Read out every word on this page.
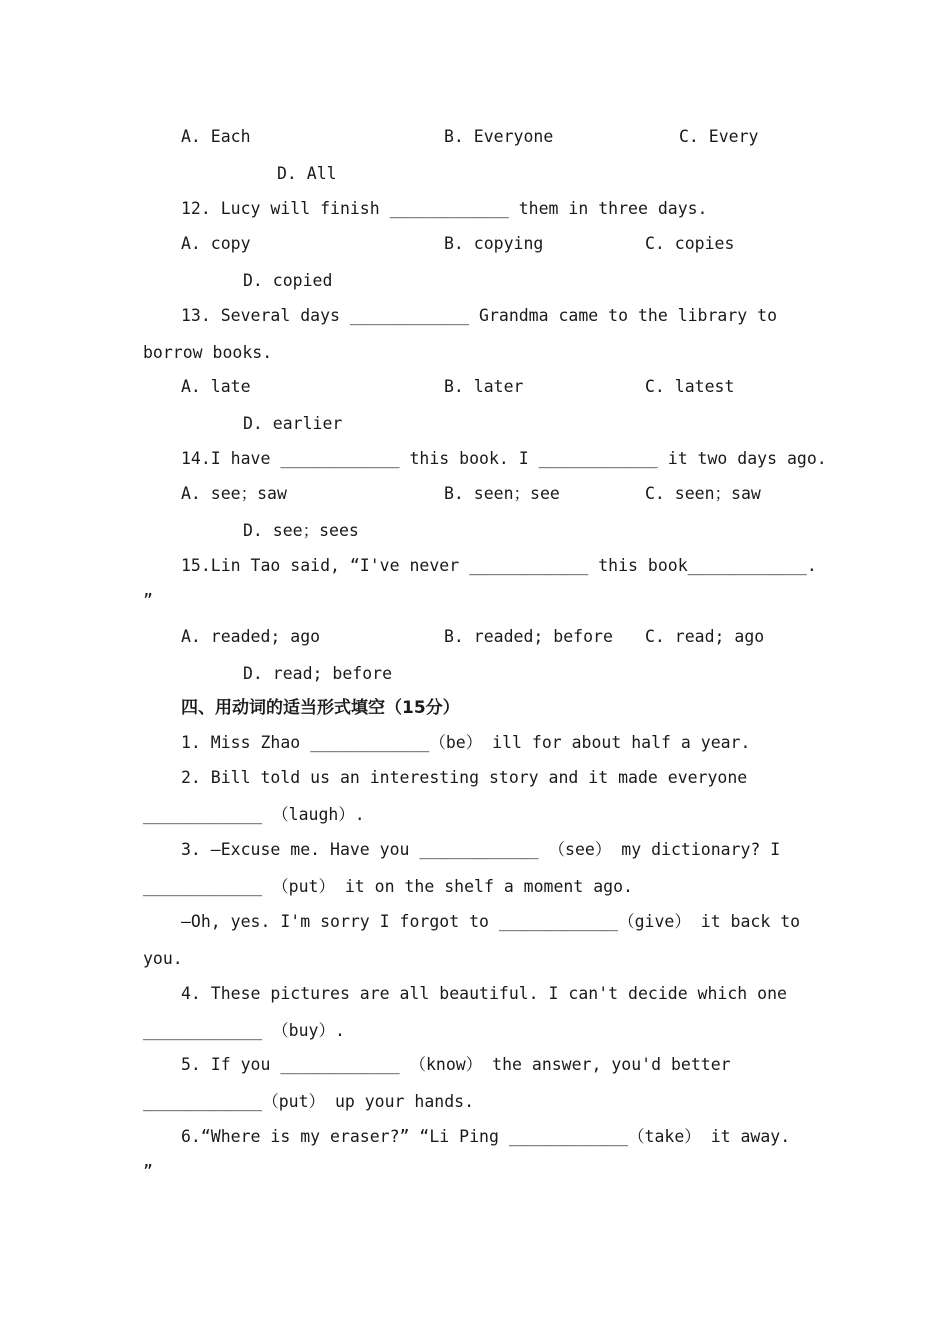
A. Each	B. Everyone	C. Every
D. All
12. Lucy will finish ____________ them in three days.
A. copy	B. copying	C. copies
D. copied
13. Several days ____________ Grandma came to the library to
borrow books.
A. late	B. later	C. latest
D. earlier
14.I have ____________ this book. I ____________ it two days ago.
A. see；saw	B. seen；see	C. seen；saw
D. see；sees
15.Lin Tao said, “I've never ____________ this book____________.
”
A. readed; ago	B. readed; before C. read; ago
D. read; before
四、用动词的适当形式填空（15分）
1. Miss Zhao ____________（be） ill for about half a year.
2. Bill told us an interesting story and it made everyone
____________ （laugh）.
3. —Excuse me. Have you ____________ （see） my dictionary? I
____________ （put） it on the shelf a moment ago.
—Oh, yes. I'm sorry I forgot to ____________（give） it back to
you.
4. These pictures are all beautiful. I can't decide which one
____________ （buy）.
5. If you ____________ （know） the answer, you'd better
____________（put） up your hands.
6.“Where is my eraser?” “Li Ping ____________（take） it away.
”
